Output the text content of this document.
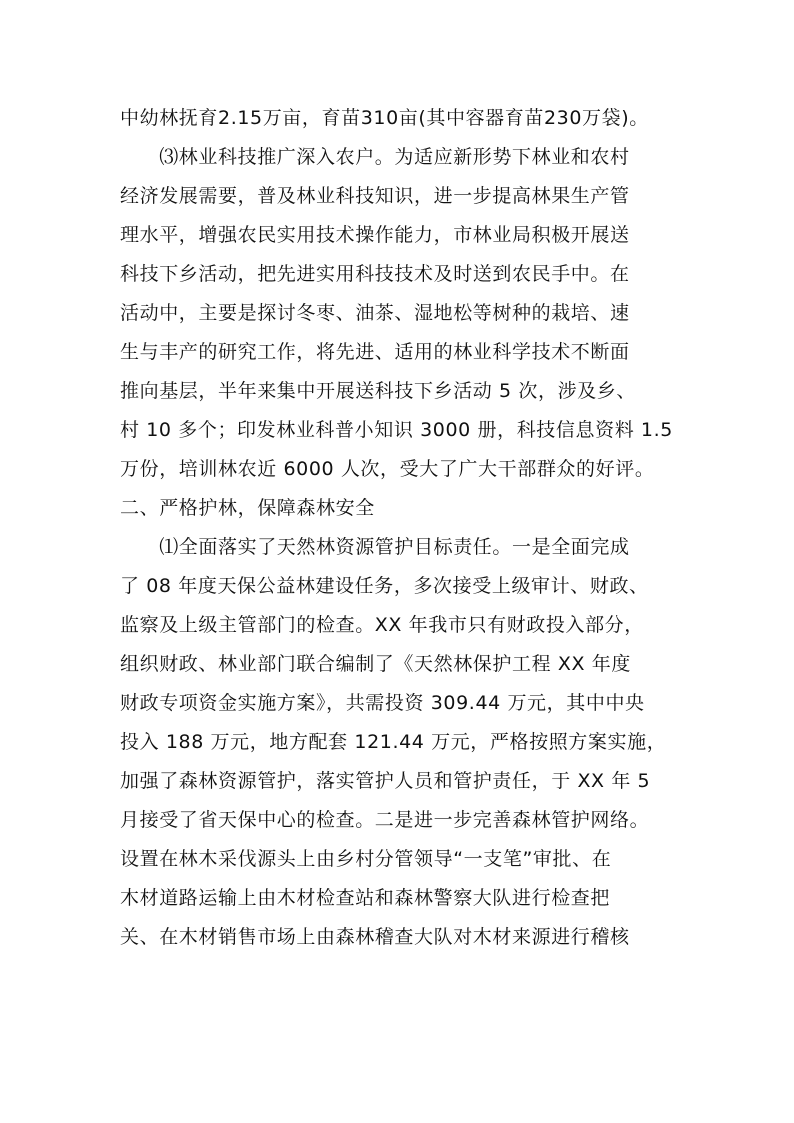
中幼林抚育2.15万亩，育苗310亩(其中容器育苗230万袋)。
　　⑶林业科技推广深入农户。为适应新形势下林业和农村
经济发展需要，普及林业科技知识，进一步提高林果生产管
理水平，增强农民实用技术操作能力，市林业局积极开展送
科技下乡活动，把先进实用科技技术及时送到农民手中。在
活动中，主要是探讨冬枣、油茶、湿地松等树种的栽培、速
生与丰产的研究工作，将先进、适用的林业科学技术不断面
推向基层，半年来集中开展送科技下乡活动 5 次，涉及乡、
村 10 多个；印发林业科普小知识 3000 册，科技信息资料 1.5
万份，培训林农近 6000 人次，受大了广大干部群众的好评。
二、严格护林，保障森林安全
　　⑴全面落实了天然林资源管护目标责任。一是全面完成
了 08 年度天保公益林建设任务，多次接受上级审计、财政、
监察及上级主管部门的检查。XX 年我市只有财政投入部分，
组织财政、林业部门联合编制了《天然林保护工程 XX 年度
财政专项资金实施方案》，共需投资 309.44 万元，其中中央
投入 188 万元，地方配套 121.44 万元，严格按照方案实施，
加强了森林资源管护，落实管护人员和管护责任，于 XX 年 5
月接受了省天保中心的检查。二是进一步完善森林管护网络。
设置在林木采伐源头上由乡村分管领导“一支笔”审批、在
木材道路运输上由木材检查站和森林警察大队进行检查把
关、在木材销售市场上由森林稽查大队对木材来源进行稽核
